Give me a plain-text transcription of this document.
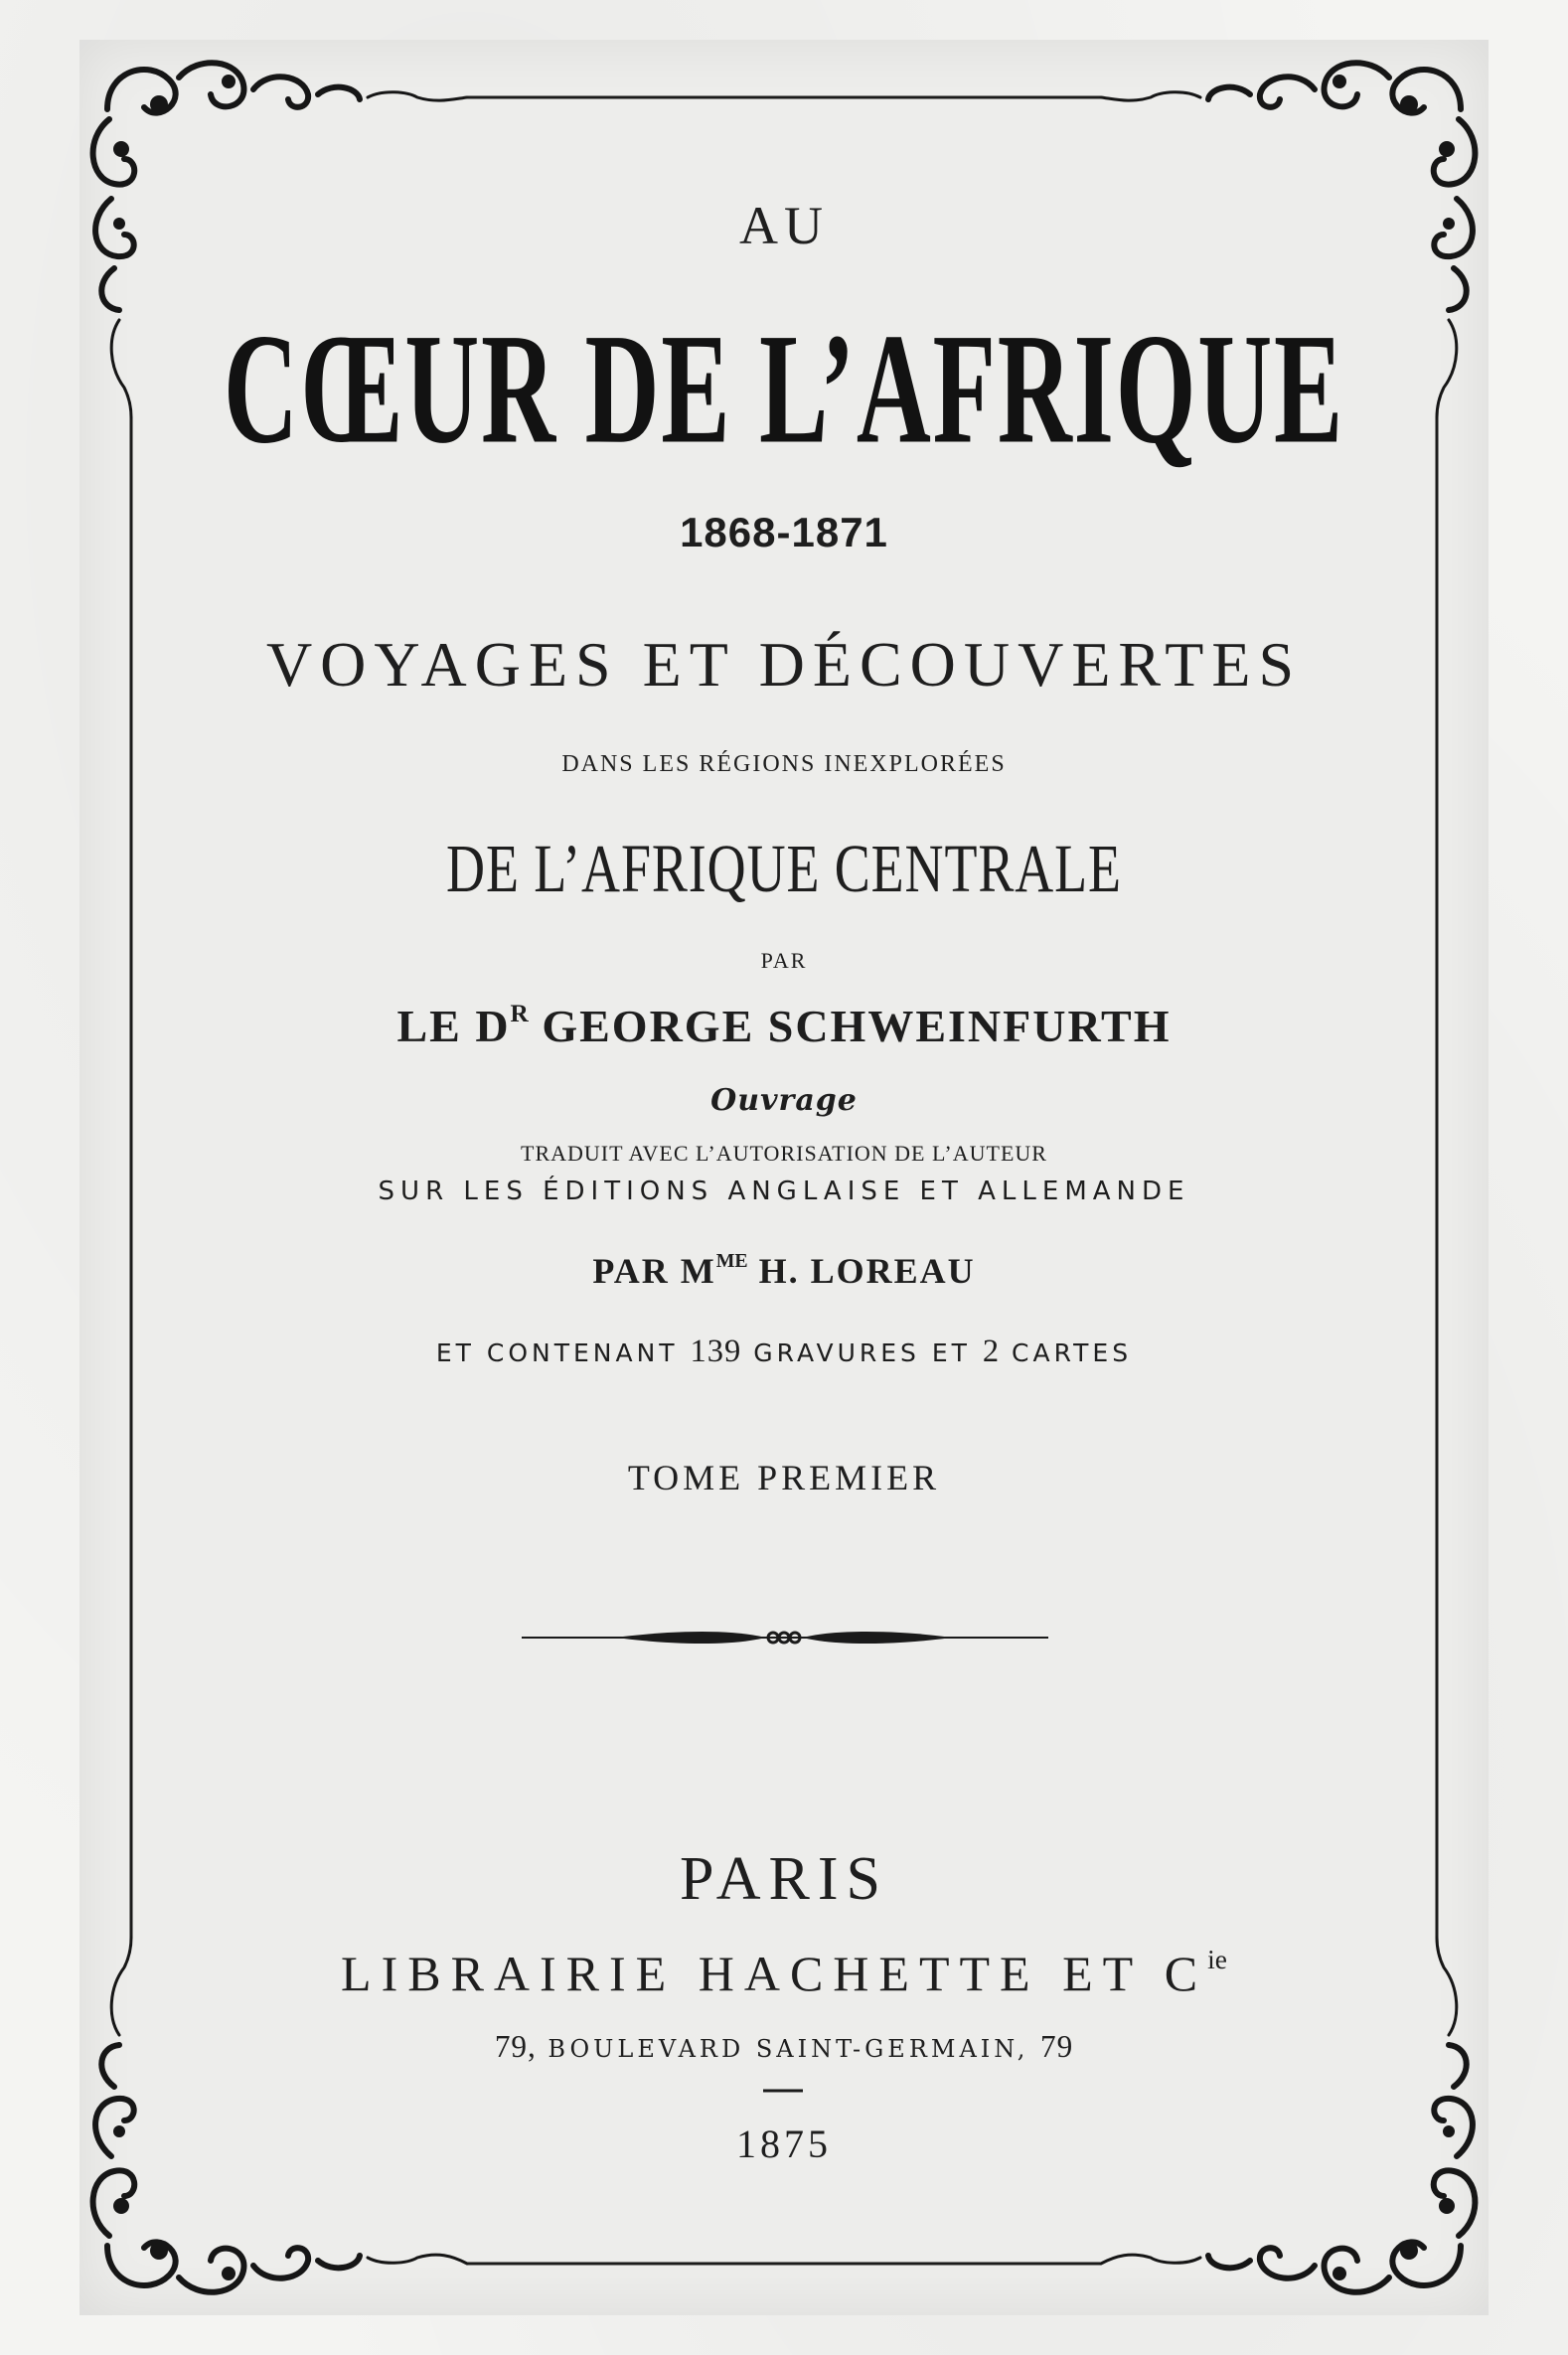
AU
CŒUR DE L’AFRIQUE
1868-1871
VOYAGES ET DÉCOUVERTES
DANS LES RÉGIONS INEXPLORÉES
DE L’AFRIQUE CENTRALE
PAR
LE $D^R$ GEORGE SCHWEINFURTH
Ouvrage
TRADUIT AVEC L’AUTORISATION DE L’AUTEUR
SUR LES ÉDITIONS ANGLAISE ET ALLEMANDE
PAR $M^{ME}$ H. LOREAU
ET CONTENANT 139 GRAVURES ET 2 CARTES
TOME PREMIER
PARIS
LIBRAIRIE HACHETTE ET $C^{ie}$
79, BOULEVARD SAINT-GERMAIN, 79
1875
